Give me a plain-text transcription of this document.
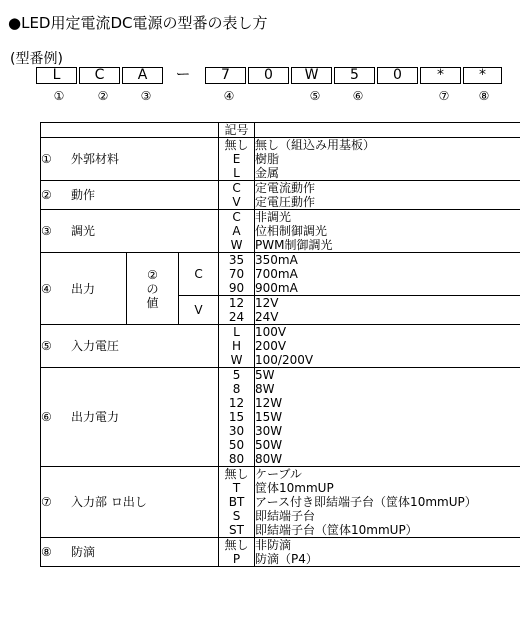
●LED用定電流DC電源の型番の表し方
(型番例)
L	C	A	ー	7	0	W	5	0	*	*
①	②	③	④	⑤	⑥	⑦	⑧
			記号	
① 外郭材料			無し	無し（組込み用基板）
			E	樹脂
			L	金属
② 動作			C	定電流動作
			V	定電圧動作
③ 調光			C	非調光
			A	位相制御調光
			W	PWM制御調光
④ 出力	②の値	C	35	350mA
			70	700mA
			90	900mA
		V	12	12V
			24	24V
⑤ 入力電圧			L	100V
			H	200V
			W	100/200V
⑥ 出力電力			5	5W
			8	8W
			12	12W
			15	15W
			30	30W
			50	50W
			80	80W
⑦ 入力部 ロ出し			無し	ケーブル
			T	筐体10mmUP
			BT	アース付き即結端子台（筐体10mmUP）
			S	即結端子台
			ST	即結端子台（筐体10mmUP）
⑧ 防滴			無し	非防滴
			P	防滴（P4）
